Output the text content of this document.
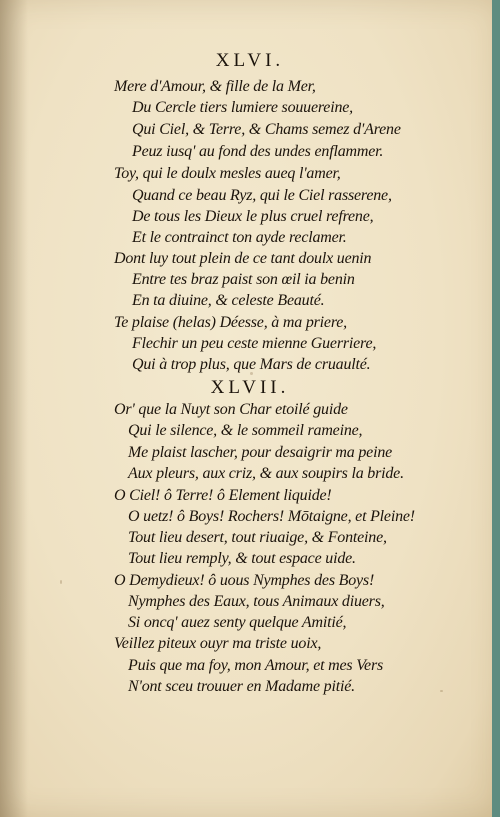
XLVI.
Mere d'Amour, & fille de la Mer,
Du Cercle tiers lumiere souuereine,
Qui Ciel, & Terre, & Chams semez d'Arene
Peuz iusq' au fond des undes enflammer.
Toy, qui le doulx mesles aueq l'amer,
Quand ce beau Ryz, qui le Ciel rasserene,
De tous les Dieux le plus cruel refrene,
Et le contrainct ton ayde reclamer.
Dont luy tout plein de ce tant doulx uenin
Entre tes braz paist son œil ia benin
En ta diuine, & celeste Beauté.
Te plaise (helas) Déesse, à ma priere,
Flechir un peu ceste mienne Guerriere,
Qui à trop plus, que Mars de cruaulté.
XLVII.
Or' que la Nuyt son Char etoilé guide
Qui le silence, & le sommeil rameine,
Me plaist lascher, pour desaigrir ma peine
Aux pleurs, aux criz, & aux soupirs la bride.
O Ciel! ô Terre! ô Element liquide!
O uetz! ô Boys! Rochers! Mōtaigne, et Pleine!
Tout lieu desert, tout riuaige, & Fonteine,
Tout lieu remply, & tout espace uide.
O Demydieux! ô uous Nymphes des Boys!
Nymphes des Eaux, tous Animaux diuers,
Si oncq' auez senty quelque Amitié,
Veillez piteux ouyr ma triste uoix,
Puis que ma foy, mon Amour, et mes Vers
N'ont sceu trouuer en Madame pitié.
